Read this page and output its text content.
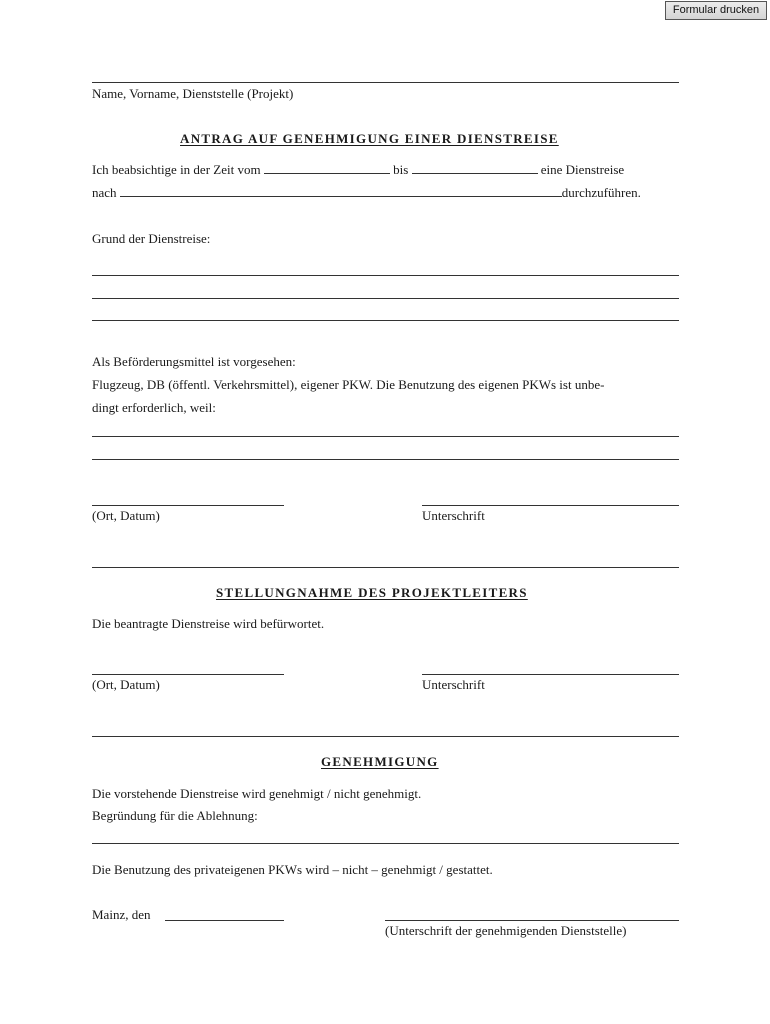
Formular drucken
Name, Vorname, Dienststelle (Projekt)
ANTRAG AUF GENEHMIGUNG EINER DIENSTREISE
Ich beabsichtige in der Zeit vom	bis	eine Dienstreise
nach	durchzuführen.
Grund der Dienstreise:
Als Beförderungsmittel ist vorgesehen:
Flugzeug, DB (öffentl. Verkehrsmittel), eigener PKW. Die Benutzung des eigenen PKWs ist unbe-
dingt erforderlich, weil:
(Ort, Datum)	Unterschrift
STELLUNGNAHME DES PROJEKTLEITERS
Die beantragte Dienstreise wird befürwortet.
(Ort, Datum)	Unterschrift
GENEHMIGUNG
Die vorstehende Dienstreise wird genehmigt / nicht genehmigt.
Begründung für die Ablehnung:
Die Benutzung des privateigenen PKWs wird – nicht – genehmigt / gestattet.
Mainz, den
(Unterschrift der genehmigenden Dienststelle)
